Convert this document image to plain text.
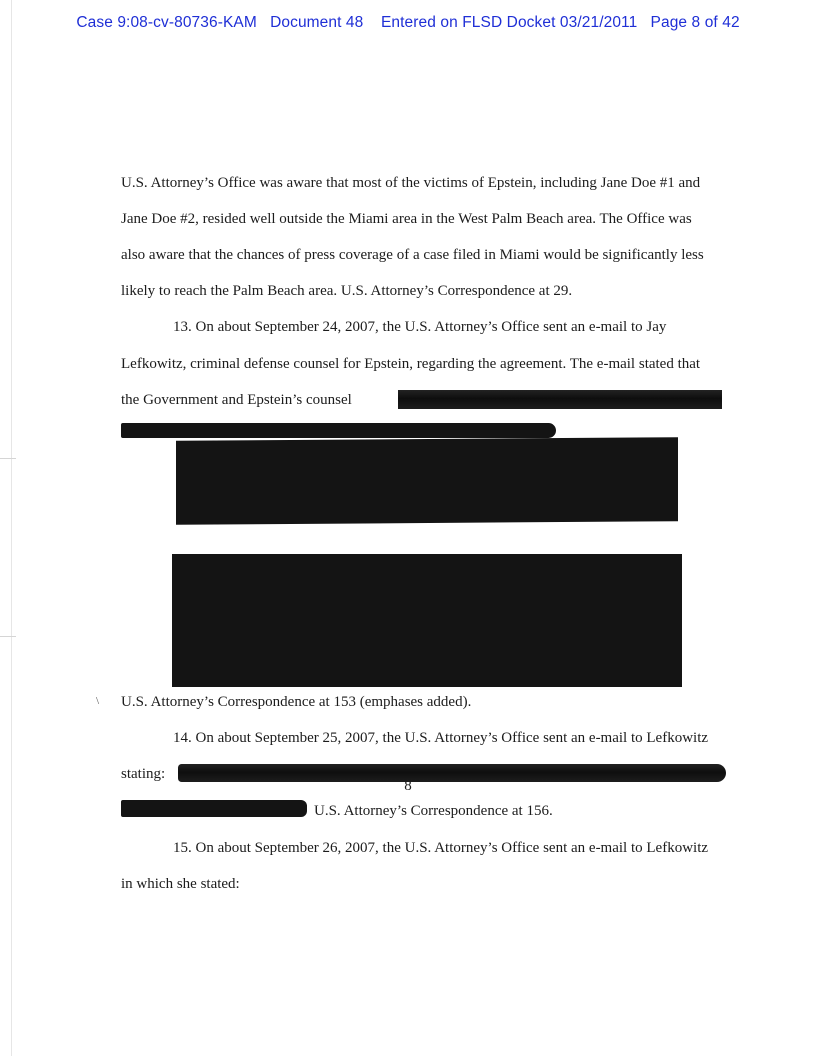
Case 9:08-cv-80736-KAM   Document 48    Entered on FLSD Docket 03/21/2011   Page 8 of 42
U.S. Attorney’s Office was aware that most of the victims of Epstein, including Jane Doe #1 and
Jane Doe #2, resided well outside the Miami area in the West Palm Beach area. The Office was
also aware that the chances of press coverage of a case filed in Miami would be significantly less
likely to reach the Palm Beach area. U.S. Attorney’s Correspondence at 29.
13. On about September 24, 2007, the U.S. Attorney’s Office sent an e-mail to Jay
Lefkowitz, criminal defense counsel for Epstein, regarding the agreement. The e-mail stated that
the Government and Epstein’s counsel
U.S. Attorney’s Correspondence at 153 (emphases added).
\
14. On about September 25, 2007, the U.S. Attorney’s Office sent an e-mail to Lefkowitz
stating:
U.S. Attorney’s Correspondence at 156.
15. On about September 26, 2007, the U.S. Attorney’s Office sent an e-mail to Lefkowitz
in which she stated:
8
